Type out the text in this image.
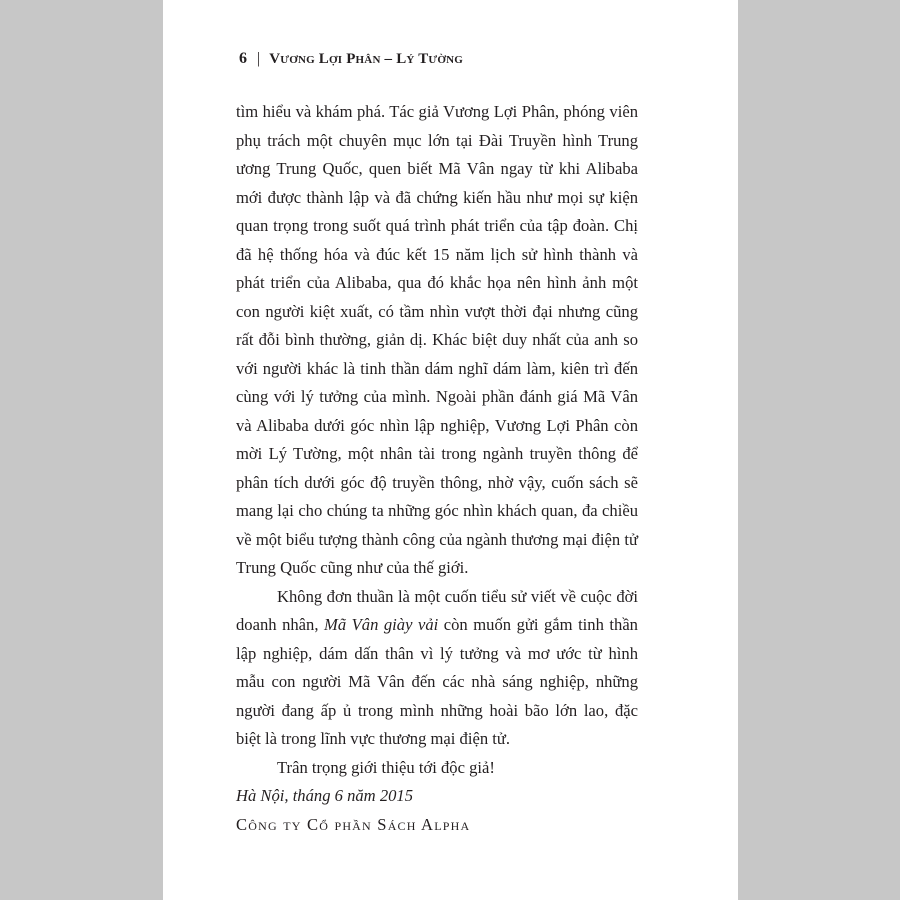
6 | Vương Lợi Phân – Lý Tường

tìm hiểu và khám phá. Tác giả Vương Lợi Phân, phóng viên phụ trách một chuyên mục lớn tại Đài Truyền hình Trung ương Trung Quốc, quen biết Mã Vân ngay từ khi Alibaba mới được thành lập và đã chứng kiến hầu như mọi sự kiện quan trọng trong suốt quá trình phát triển của tập đoàn. Chị đã hệ thống hóa và đúc kết 15 năm lịch sử hình thành và phát triển của Alibaba, qua đó khắc họa nên hình ảnh một con người kiệt xuất, có tầm nhìn vượt thời đại nhưng cũng rất đỗi bình thường, giản dị. Khác biệt duy nhất của anh so với người khác là tinh thần dám nghĩ dám làm, kiên trì đến cùng với lý tưởng của mình. Ngoài phần đánh giá Mã Vân và Alibaba dưới góc nhìn lập nghiệp, Vương Lợi Phân còn mời Lý Tường, một nhân tài trong ngành truyền thông để phân tích dưới góc độ truyền thông, nhờ vậy, cuốn sách sẽ mang lại cho chúng ta những góc nhìn khách quan, đa chiều về một biểu tượng thành công của ngành thương mại điện tử Trung Quốc cũng như của thế giới.

Không đơn thuần là một cuốn tiểu sử viết về cuộc đời doanh nhân, Mã Vân giày vải còn muốn gửi gắm tinh thần lập nghiệp, dám dấn thân vì lý tưởng và mơ ước từ hình mẫu con người Mã Vân đến các nhà sáng nghiệp, những người đang ấp ủ trong mình những hoài bão lớn lao, đặc biệt là trong lĩnh vực thương mại điện tử.

Trân trọng giới thiệu tới độc giả!

Hà Nội, tháng 6 năm 2015

Công ty Cổ phần Sách Alpha
